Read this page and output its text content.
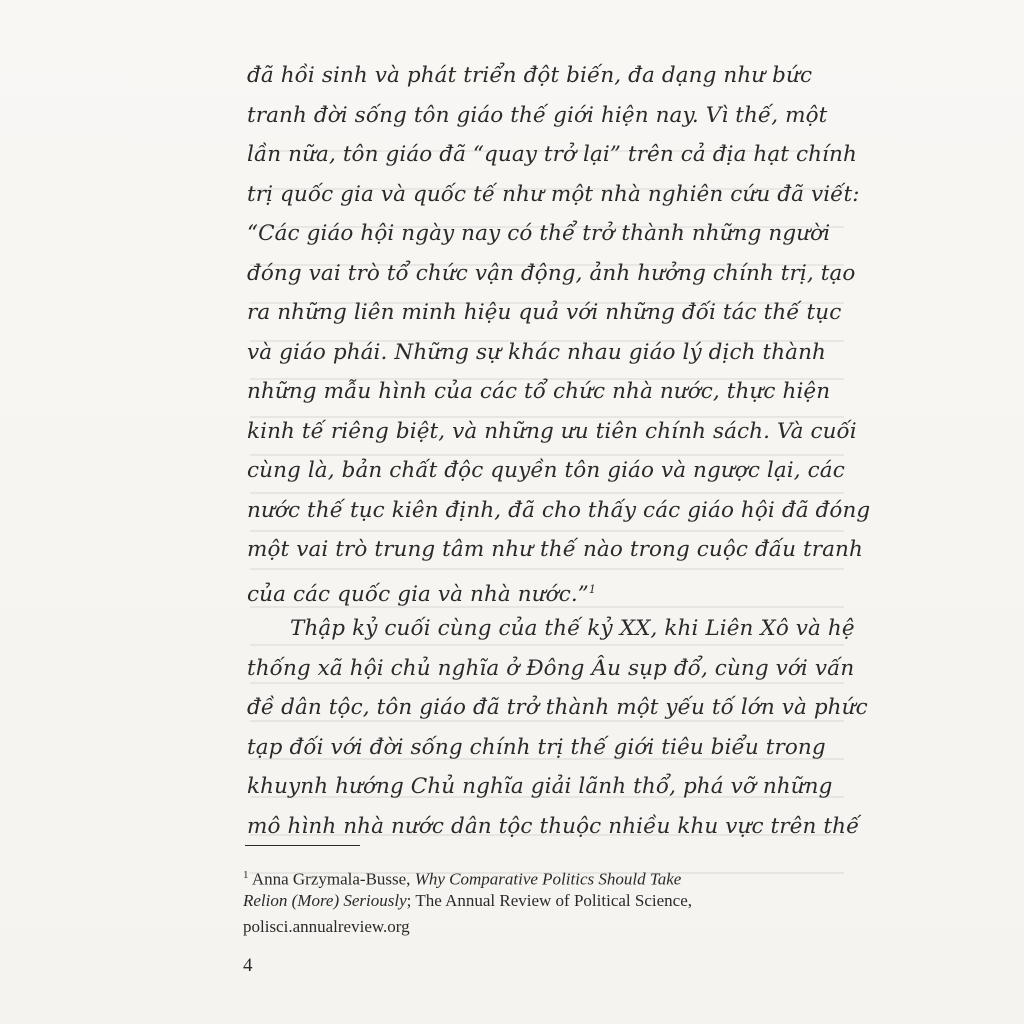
đã hồi sinh và phát triển đột biến, đa dạng như bức
tranh đời sống tôn giáo thế giới hiện nay. Vì thế, một
lần nữa, tôn giáo đã “quay trở lại” trên cả địa hạt chính
trị quốc gia và quốc tế như một nhà nghiên cứu đã viết:
“Các giáo hội ngày nay có thể trở thành những người
đóng vai trò tổ chức vận động, ảnh hưởng chính trị, tạo
ra những liên minh hiệu quả với những đối tác thế tục
và giáo phái. Những sự khác nhau giáo lý dịch thành
những mẫu hình của các tổ chức nhà nước, thực hiện
kinh tế riêng biệt, và những ưu tiên chính sách. Và cuối
cùng là, bản chất độc quyền tôn giáo và ngược lại, các
nước thế tục kiên định, đã cho thấy các giáo hội đã đóng
một vai trò trung tâm như thế nào trong cuộc đấu tranh
của các quốc gia và nhà nước.”$^1$
Thập kỷ cuối cùng của thế kỷ XX, khi Liên Xô và hệ
thống xã hội chủ nghĩa ở Đông Âu sụp đổ, cùng với vấn
đề dân tộc, tôn giáo đã trở thành một yếu tố lớn và phức
tạp đối với đời sống chính trị thế giới tiêu biểu trong
khuynh hướng Chủ nghĩa giải lãnh thổ, phá vỡ những
mô hình nhà nước dân tộc thuộc nhiều khu vực trên thế
$^1$ Anna Grzymala-Busse, Why Comparative Politics Should Take
Relion (More) Seriously; The Annual Review of Political Science,
polisci.annualreview.org
4
